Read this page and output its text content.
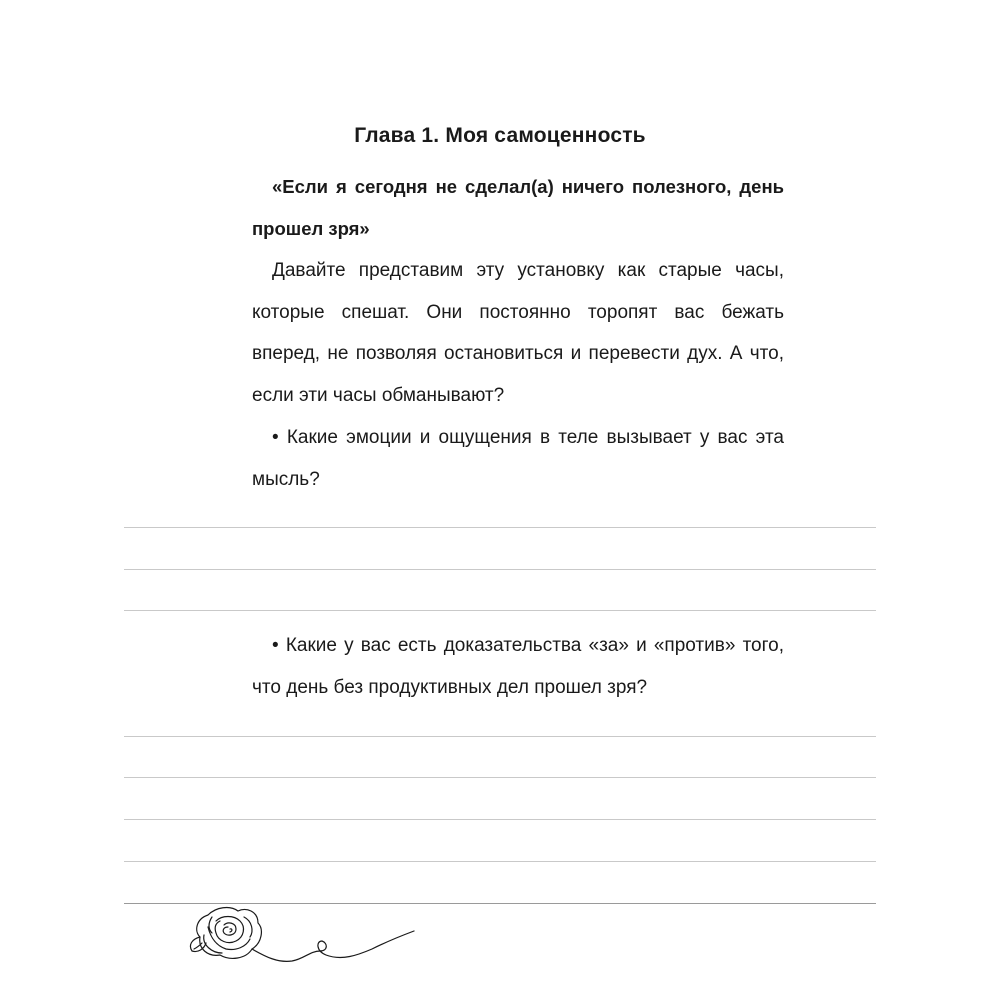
Глава 1. Моя самоценность
«Если я сегодня не сделал(а) ничего полезного, день прошел зря»
Давайте представим эту установку как старые часы, которые спешат. Они постоянно торопят вас бежать вперед, не позволяя остановиться и перевести дух. А что, если эти часы обманывают?
• Какие эмоции и ощущения в теле вызывает у вас эта мысль?
• Какие у вас есть доказательства «за» и «против» того, что день без продуктивных дел прошел зря?
